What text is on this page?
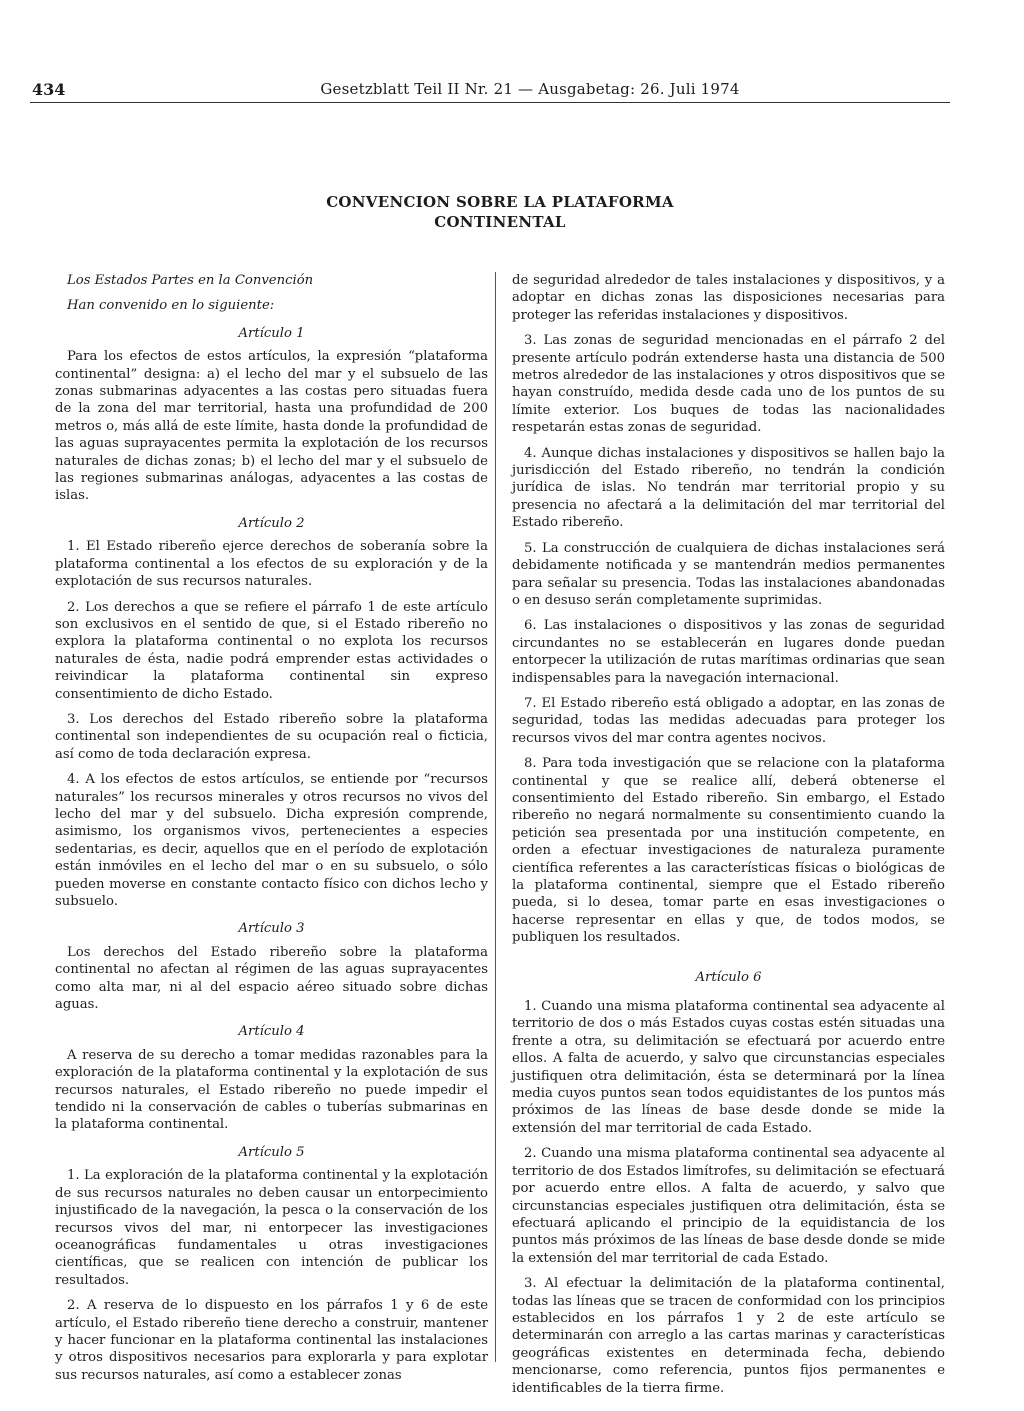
434	Gesetzblatt Teil II Nr. 21 — Ausgabetag: 26. Juli 1974
CONVENCION SOBRE LA PLATAFORMA
CONTINENTAL

Los Estados Partes en la Convención

Han convenido en lo siguiente:

Artículo 1

Para los efectos de estos artículos, la expresión “plataforma continental” designa: a) el lecho del mar y el subsuelo de las zonas submarinas adyacentes a las costas pero situadas fuera de la zona del mar territorial, hasta una profundidad de 200 metros o, más allá de este límite, hasta donde la profundidad de las aguas suprayacentes permita la explotación de los recursos naturales de dichas zonas; b) el lecho del mar y el subsuelo de las regiones submarinas análogas, adyacentes a las costas de islas.

Artículo 2

1. El Estado ribereño ejerce derechos de soberanía sobre la plataforma continental a los efectos de su exploración y de la explotación de sus recursos naturales.

2. Los derechos a que se refiere el párrafo 1 de este artículo son exclusivos en el sentido de que, si el Estado ribereño no explora la plataforma continental o no explota los recursos naturales de ésta, nadie podrá emprender estas actividades o reivindicar la plataforma continental sin expreso consentimiento de dicho Estado.

3. Los derechos del Estado ribereño sobre la plataforma continental son independientes de su ocupación real o ficticia, así como de toda declaración expresa.

4. A los efectos de estos artículos, se entiende por “recursos naturales” los recursos minerales y otros recursos no vivos del lecho del mar y del subsuelo. Dicha expresión comprende, asimismo, los organismos vivos, pertenecientes a especies sedentarias, es decir, aquellos que en el período de explotación están inmóviles en el lecho del mar o en su subsuelo, o sólo pueden moverse en constante contacto físico con dichos lecho y subsuelo.

Artículo 3

Los derechos del Estado ribereño sobre la plataforma continental no afectan al régimen de las aguas suprayacentes como alta mar, ni al del espacio aéreo situado sobre dichas aguas.

Artículo 4

A reserva de su derecho a tomar medidas razonables para la exploración de la plataforma continental y la explotación de sus recursos naturales, el Estado ribereño no puede impedir el tendido ni la conservación de cables o tuberías submarinas en la plataforma continental.

Artículo 5

1. La exploración de la plataforma continental y la explotación de sus recursos naturales no deben causar un entorpecimiento injustificado de la navegación, la pesca o la conservación de los recursos vivos del mar, ni entorpecer las investigaciones oceanográficas fundamentales u otras investigaciones científicas, que se realicen con intención de publicar los resultados.

2. A reserva de lo dispuesto en los párrafos 1 y 6 de este artículo, el Estado ribereño tiene derecho a construir, mantener y hacer funcionar en la plataforma continental las instalaciones y otros dispositivos necesarios para explorarla y para explotar sus recursos naturales, así como a establecer zonas

de seguridad alrededor de tales instalaciones y dispositivos, y a adoptar en dichas zonas las disposiciones necesarias para proteger las referidas instalaciones y dispositivos.

3. Las zonas de seguridad mencionadas en el párrafo 2 del presente artículo podrán extenderse hasta una distancia de 500 metros alrededor de las instalaciones y otros dispositivos que se hayan construído, medida desde cada uno de los puntos de su límite exterior. Los buques de todas las nacionalidades respetarán estas zonas de seguridad.

4. Aunque dichas instalaciones y dispositivos se hallen bajo la jurisdicción del Estado ribereño, no tendrán la condición jurídica de islas. No tendrán mar territorial propio y su presencia no afectará a la delimitación del mar territorial del Estado ribereño.

5. La construcción de cualquiera de dichas instalaciones será debidamente notificada y se mantendrán medios permanentes para señalar su presencia. Todas las instalaciones abandonadas o en desuso serán completamente suprimidas.

6. Las instalaciones o dispositivos y las zonas de seguridad circundantes no se establecerán en lugares donde puedan entorpecer la utilización de rutas marítimas ordinarias que sean indispensables para la navegación internacional.

7. El Estado ribereño está obligado a adoptar, en las zonas de seguridad, todas las medidas adecuadas para proteger los recursos vivos del mar contra agentes nocivos.

8. Para toda investigación que se relacione con la plataforma continental y que se realice allí, deberá obtenerse el consentimiento del Estado ribereño. Sin embargo, el Estado ribereño no negará normalmente su consentimiento cuando la petición sea presentada por una institución competente, en orden a efectuar investigaciones de naturaleza puramente científica referentes a las características físicas o biológicas de la plataforma continental, siempre que el Estado ribereño pueda, si lo desea, tomar parte en esas investigaciones o hacerse representar en ellas y que, de todos modos, se publiquen los resultados.

Artículo 6

1. Cuando una misma plataforma continental sea adyacente al territorio de dos o más Estados cuyas costas estén situadas una frente a otra, su delimitación se efectuará por acuerdo entre ellos. A falta de acuerdo, y salvo que circunstancias especiales justifiquen otra delimitación, ésta se determinará por la línea media cuyos puntos sean todos equidistantes de los puntos más próximos de las líneas de base desde donde se mide la extensión del mar territorial de cada Estado.

2. Cuando una misma plataforma continental sea adyacente al territorio de dos Estados limítrofes, su delimitación se efectuará por acuerdo entre ellos. A falta de acuerdo, y salvo que circunstancias especiales justifiquen otra delimitación, ésta se efectuará aplicando el principio de la equidistancia de los puntos más próximos de las líneas de base desde donde se mide la extensión del mar territorial de cada Estado.

3. Al efectuar la delimitación de la plataforma continental, todas las líneas que se tracen de conformidad con los principios establecidos en los párrafos 1 y 2 de este artículo se determinarán con arreglo a las cartas marinas y características geográficas existentes en determinada fecha, debiendo mencionarse, como referencia, puntos fijos permanentes e identificables de la tierra firme.
